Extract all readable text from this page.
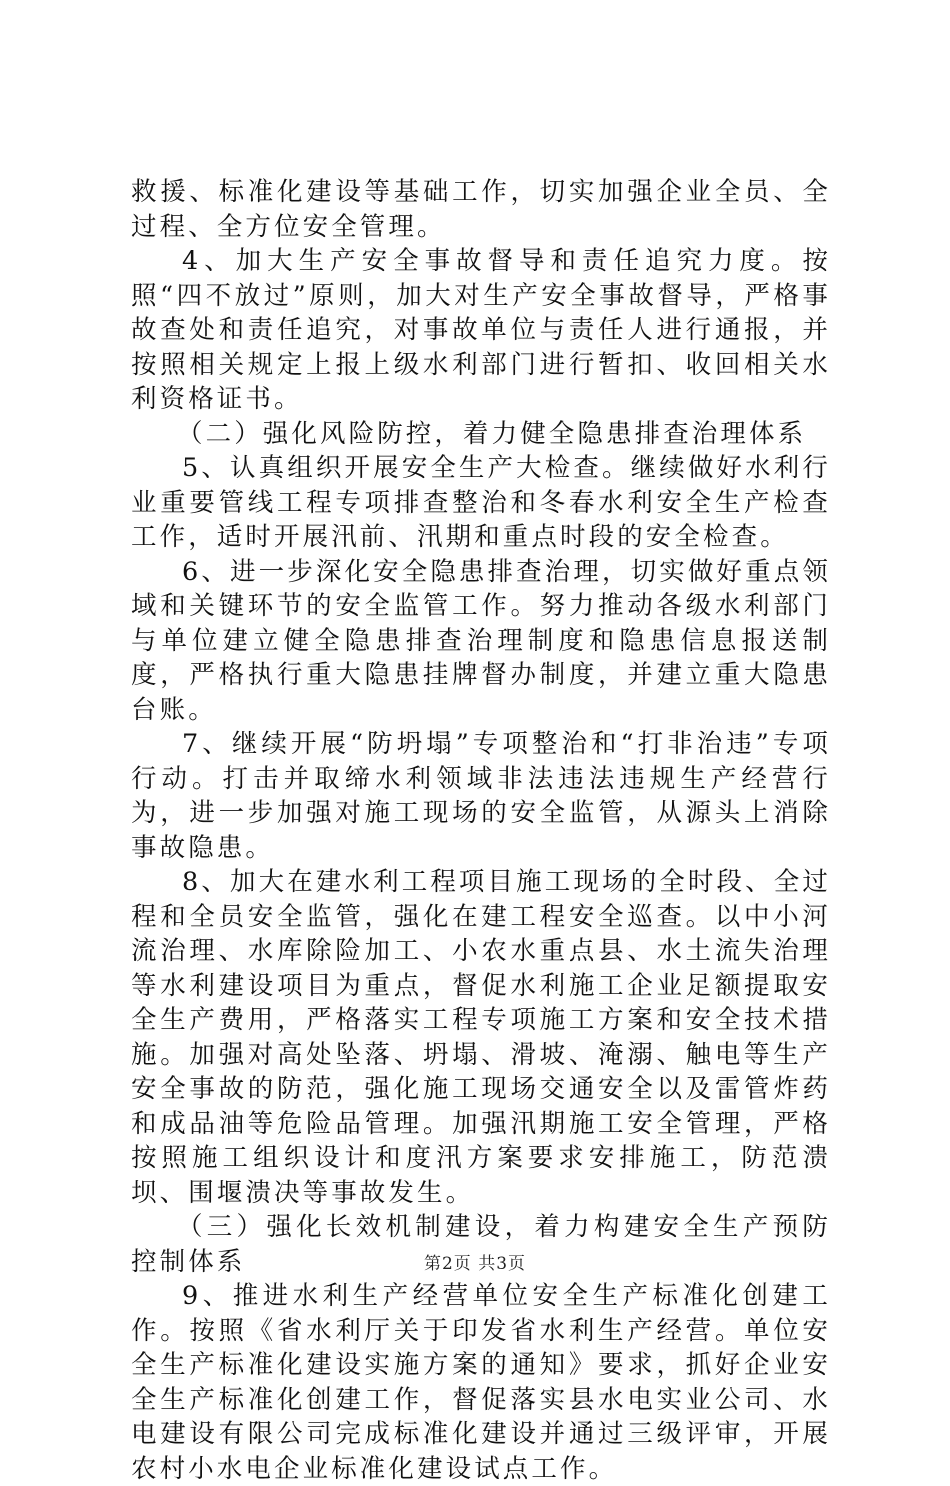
救援、标准化建设等基础工作，切实加强企业全员、全过程、全方位安全管理。

4、加大生产安全事故督导和责任追究力度。按照“四不放过”原则，加大对生产安全事故督导，严格事故查处和责任追究，对事故单位与责任人进行通报，并按照相关规定上报上级水利部门进行暂扣、收回相关水利资格证书。

（二）强化风险防控，着力健全隐患排查治理体系

5、认真组织开展安全生产大检查。继续做好水利行业重要管线工程专项排查整治和冬春水利安全生产检查工作，适时开展汛前、汛期和重点时段的安全检查。

6、进一步深化安全隐患排查治理，切实做好重点领域和关键环节的安全监管工作。努力推动各级水利部门与单位建立健全隐患排查治理制度和隐患信息报送制度，严格执行重大隐患挂牌督办制度，并建立重大隐患台账。

7、继续开展“防坍塌”专项整治和“打非治违”专项行动。打击并取缔水利领域非法违法违规生产经营行为，进一步加强对施工现场的安全监管，从源头上消除事故隐患。

8、加大在建水利工程项目施工现场的全时段、全过程和全员安全监管，强化在建工程安全巡查。以中小河流治理、水库除险加工、小农水重点县、水土流失治理等水利建设项目为重点，督促水利施工企业足额提取安全生产费用，严格落实工程专项施工方案和安全技术措施。加强对高处坠落、坍塌、滑坡、淹溺、触电等生产安全事故的防范，强化施工现场交通安全以及雷管炸药和成品油等危险品管理。加强汛期施工安全管理，严格按照施工组织设计和度汛方案要求安排施工，防范溃坝、围堰溃决等事故发生。

（三）强化长效机制建设，着力构建安全生产预防控制体系

9、推进水利生产经营单位安全生产标准化创建工作。按照《省水利厅关于印发省水利生产经营。单位安全生产标准化建设实施方案的通知》要求，抓好企业安全生产标准化创建工作，督促落实县水电实业公司、水电建设有限公司完成标准化建设并通过三级评审，开展农村小水电企业标准化建设试点工作。

第2页 共3页
